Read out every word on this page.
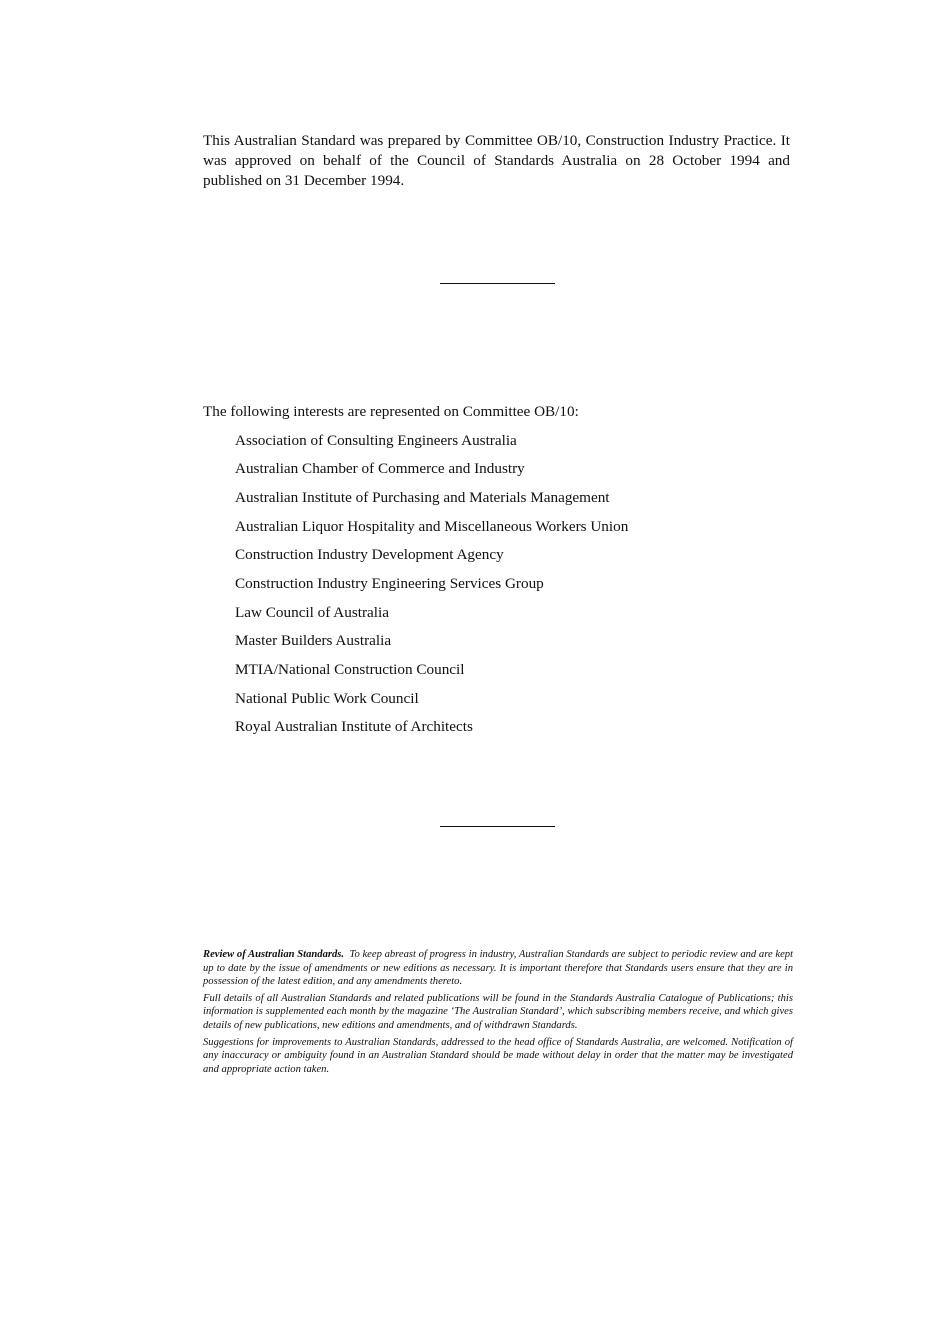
This Australian Standard was prepared by Committee OB/10, Construction Industry Practice. It was approved on behalf of the Council of Standards Australia on 28 October 1994 and published on 31 December 1994.

The following interests are represented on Committee OB/10:

Association of Consulting Engineers Australia
Australian Chamber of Commerce and Industry
Australian Institute of Purchasing and Materials Management
Australian Liquor Hospitality and Miscellaneous Workers Union
Construction Industry Development Agency
Construction Industry Engineering Services Group
Law Council of Australia
Master Builders Australia
MTIA/National Construction Council
National Public Work Council
Royal Australian Institute of Architects

Review of Australian Standards. To keep abreast of progress in industry, Australian Standards are subject to periodic review and are kept up to date by the issue of amendments or new editions as necessary. It is important therefore that Standards users ensure that they are in possession of the latest edition, and any amendments thereto.

Full details of all Australian Standards and related publications will be found in the Standards Australia Catalogue of Publications; this information is supplemented each month by the magazine ‘The Australian Standard’, which subscribing members receive, and which gives details of new publications, new editions and amendments, and of withdrawn Standards.

Suggestions for improvements to Australian Standards, addressed to the head office of Standards Australia, are welcomed. Notification of any inaccuracy or ambiguity found in an Australian Standard should be made without delay in order that the matter may be investigated and appropriate action taken.
